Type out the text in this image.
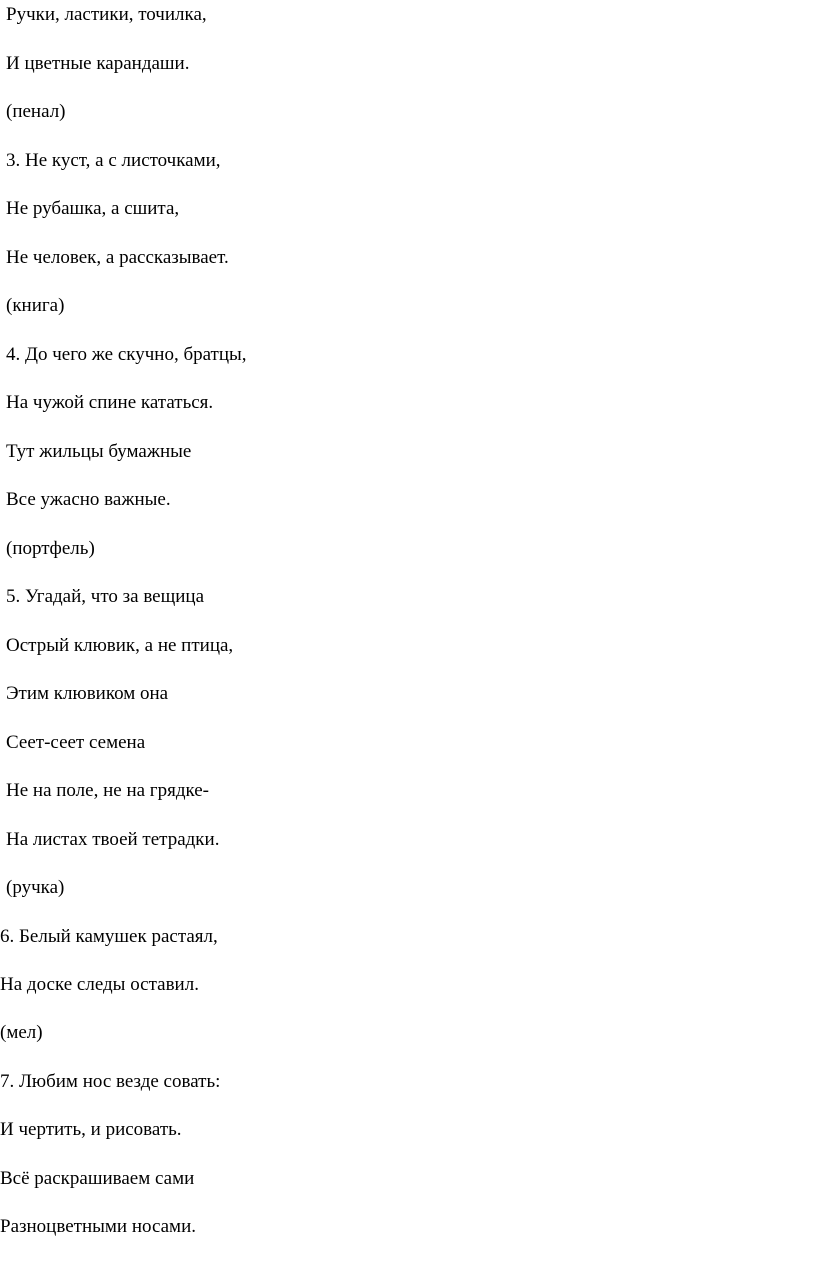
Ручки, ластики, точилка,

И цветные карандаши.

(пенал)

3. Не куст, а с листочками,

Не рубашка, а сшита,

Не человек, а рассказывает.

(книга)

4. До чего же скучно, братцы,

На чужой спине кататься.

Тут жильцы бумажные

Все ужасно важные.

(портфель)

5. Угадай, что за вещица

Острый клювик, а не птица,

Этим клювиком она

Сеет-сеет семена

Не на поле, не на грядке-

На листах твоей тетрадки.

(ручка)

6. Белый камушек растаял,

На доске следы оставил.

(мел)

7. Любим нос везде совать:

И чертить, и рисовать.

Всё раскрашиваем сами

Разноцветными носами.
